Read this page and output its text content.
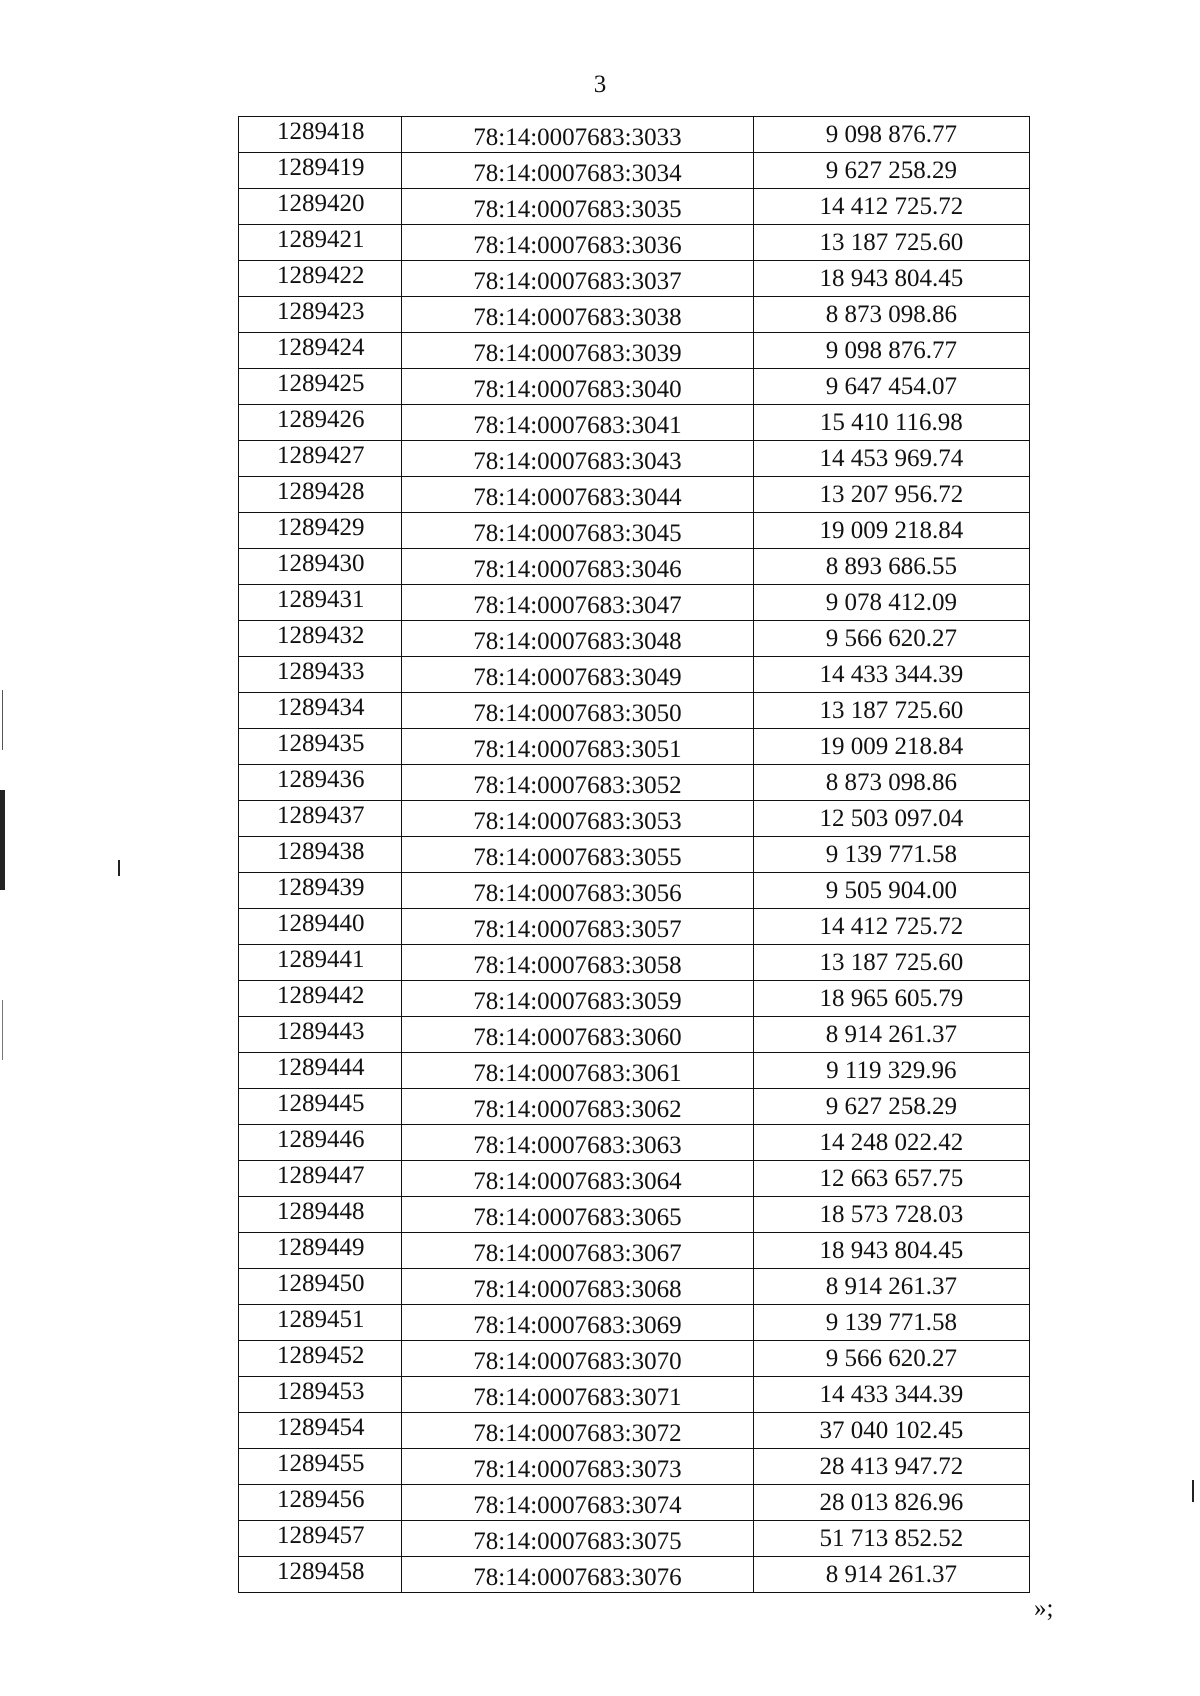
3
1289418	78:14:0007683:3033	9 098 876.77
1289419	78:14:0007683:3034	9 627 258.29
1289420	78:14:0007683:3035	14 412 725.72
1289421	78:14:0007683:3036	13 187 725.60
1289422	78:14:0007683:3037	18 943 804.45
1289423	78:14:0007683:3038	8 873 098.86
1289424	78:14:0007683:3039	9 098 876.77
1289425	78:14:0007683:3040	9 647 454.07
1289426	78:14:0007683:3041	15 410 116.98
1289427	78:14:0007683:3043	14 453 969.74
1289428	78:14:0007683:3044	13 207 956.72
1289429	78:14:0007683:3045	19 009 218.84
1289430	78:14:0007683:3046	8 893 686.55
1289431	78:14:0007683:3047	9 078 412.09
1289432	78:14:0007683:3048	9 566 620.27
1289433	78:14:0007683:3049	14 433 344.39
1289434	78:14:0007683:3050	13 187 725.60
1289435	78:14:0007683:3051	19 009 218.84
1289436	78:14:0007683:3052	8 873 098.86
1289437	78:14:0007683:3053	12 503 097.04
1289438	78:14:0007683:3055	9 139 771.58
1289439	78:14:0007683:3056	9 505 904.00
1289440	78:14:0007683:3057	14 412 725.72
1289441	78:14:0007683:3058	13 187 725.60
1289442	78:14:0007683:3059	18 965 605.79
1289443	78:14:0007683:3060	8 914 261.37
1289444	78:14:0007683:3061	9 119 329.96
1289445	78:14:0007683:3062	9 627 258.29
1289446	78:14:0007683:3063	14 248 022.42
1289447	78:14:0007683:3064	12 663 657.75
1289448	78:14:0007683:3065	18 573 728.03
1289449	78:14:0007683:3067	18 943 804.45
1289450	78:14:0007683:3068	8 914 261.37
1289451	78:14:0007683:3069	9 139 771.58
1289452	78:14:0007683:3070	9 566 620.27
1289453	78:14:0007683:3071	14 433 344.39
1289454	78:14:0007683:3072	37 040 102.45
1289455	78:14:0007683:3073	28 413 947.72
1289456	78:14:0007683:3074	28 013 826.96
1289457	78:14:0007683:3075	51 713 852.52
1289458	78:14:0007683:3076	8 914 261.37
»;
